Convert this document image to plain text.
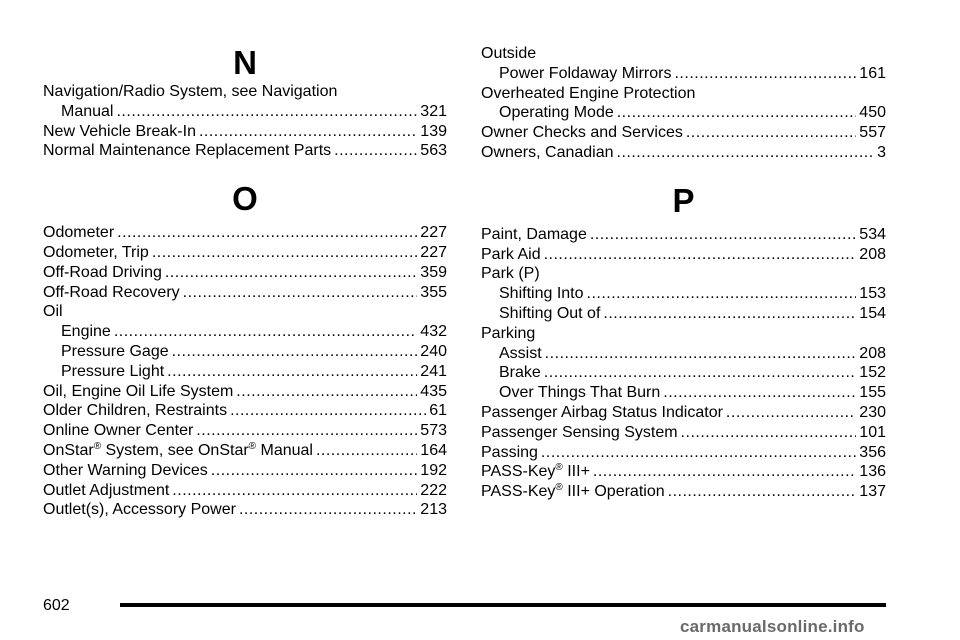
N
Navigation/Radio System, see Navigation
Manual .....	321
New Vehicle Break-In .....	139
Normal Maintenance Replacement Parts .....	563
O
Odometer .....	227
Odometer, Trip .....	227
Off-Road Driving .....	359
Off-Road Recovery .....	355
Oil
Engine .....	432
Pressure Gage .....	240
Pressure Light .....	241
Oil, Engine Oil Life System .....	435
Older Children, Restraints .....	61
Online Owner Center .....	573
OnStar® System, see OnStar® Manual .....	164
Other Warning Devices .....	192
Outlet Adjustment .....	222
Outlet(s), Accessory Power .....	213
Outside
Power Foldaway Mirrors .....	161
Overheated Engine Protection
Operating Mode .....	450
Owner Checks and Services .....	557
Owners, Canadian .....	3
P
Paint, Damage .....	534
Park Aid .....	208
Park (P)
Shifting Into .....	153
Shifting Out of .....	154
Parking
Assist .....	208
Brake .....	152
Over Things That Burn .....	155
Passenger Airbag Status Indicator .....	230
Passenger Sensing System .....	101
Passing .....	356
PASS-Key® III+ .....	136
PASS-Key® III+ Operation .....	137
602
carmanualsonline.info
